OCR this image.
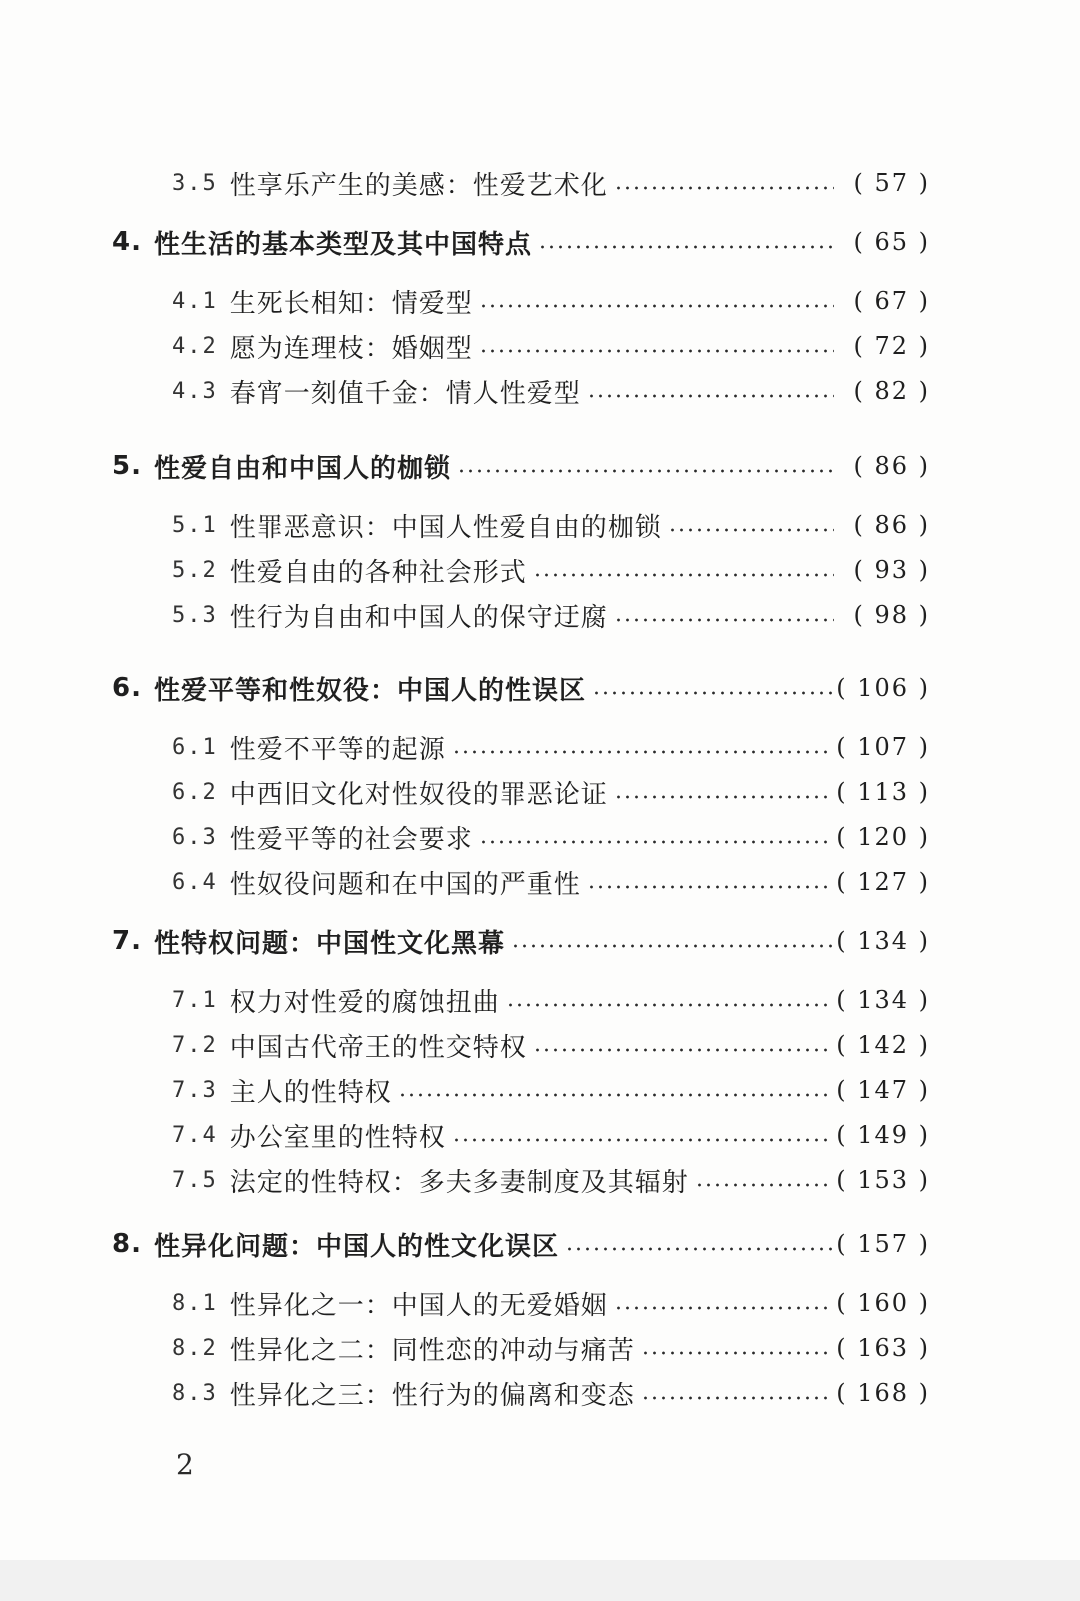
3.5 性享乐产生的美感：性爱艺术化	( 57 )
4. 性生活的基本类型及其中国特点	( 65 )
4.1 生死长相知：情爱型	( 67 )
4.2 愿为连理枝：婚姻型	( 72 )
4.3 春宵一刻值千金：情人性爱型	( 82 )
5. 性爱自由和中国人的枷锁	( 86 )
5.1 性罪恶意识：中国人性爱自由的枷锁	( 86 )
5.2 性爱自由的各种社会形式	( 93 )
5.3 性行为自由和中国人的保守迂腐	( 98 )
6. 性爱平等和性奴役：中国人的性误区	( 106 )
6.1 性爱不平等的起源	( 107 )
6.2 中西旧文化对性奴役的罪恶论证	( 113 )
6.3 性爱平等的社会要求	( 120 )
6.4 性奴役问题和在中国的严重性	( 127 )
7. 性特权问题：中国性文化黑幕	( 134 )
7.1 权力对性爱的腐蚀扭曲	( 134 )
7.2 中国古代帝王的性交特权	( 142 )
7.3 主人的性特权	( 147 )
7.4 办公室里的性特权	( 149 )
7.5 法定的性特权：多夫多妻制度及其辐射	( 153 )
8. 性异化问题：中国人的性文化误区	( 157 )
8.1 性异化之一：中国人的无爱婚姻	( 160 )
8.2 性异化之二：同性恋的冲动与痛苦	( 163 )
8.3 性异化之三：性行为的偏离和变态	( 168 )
2
